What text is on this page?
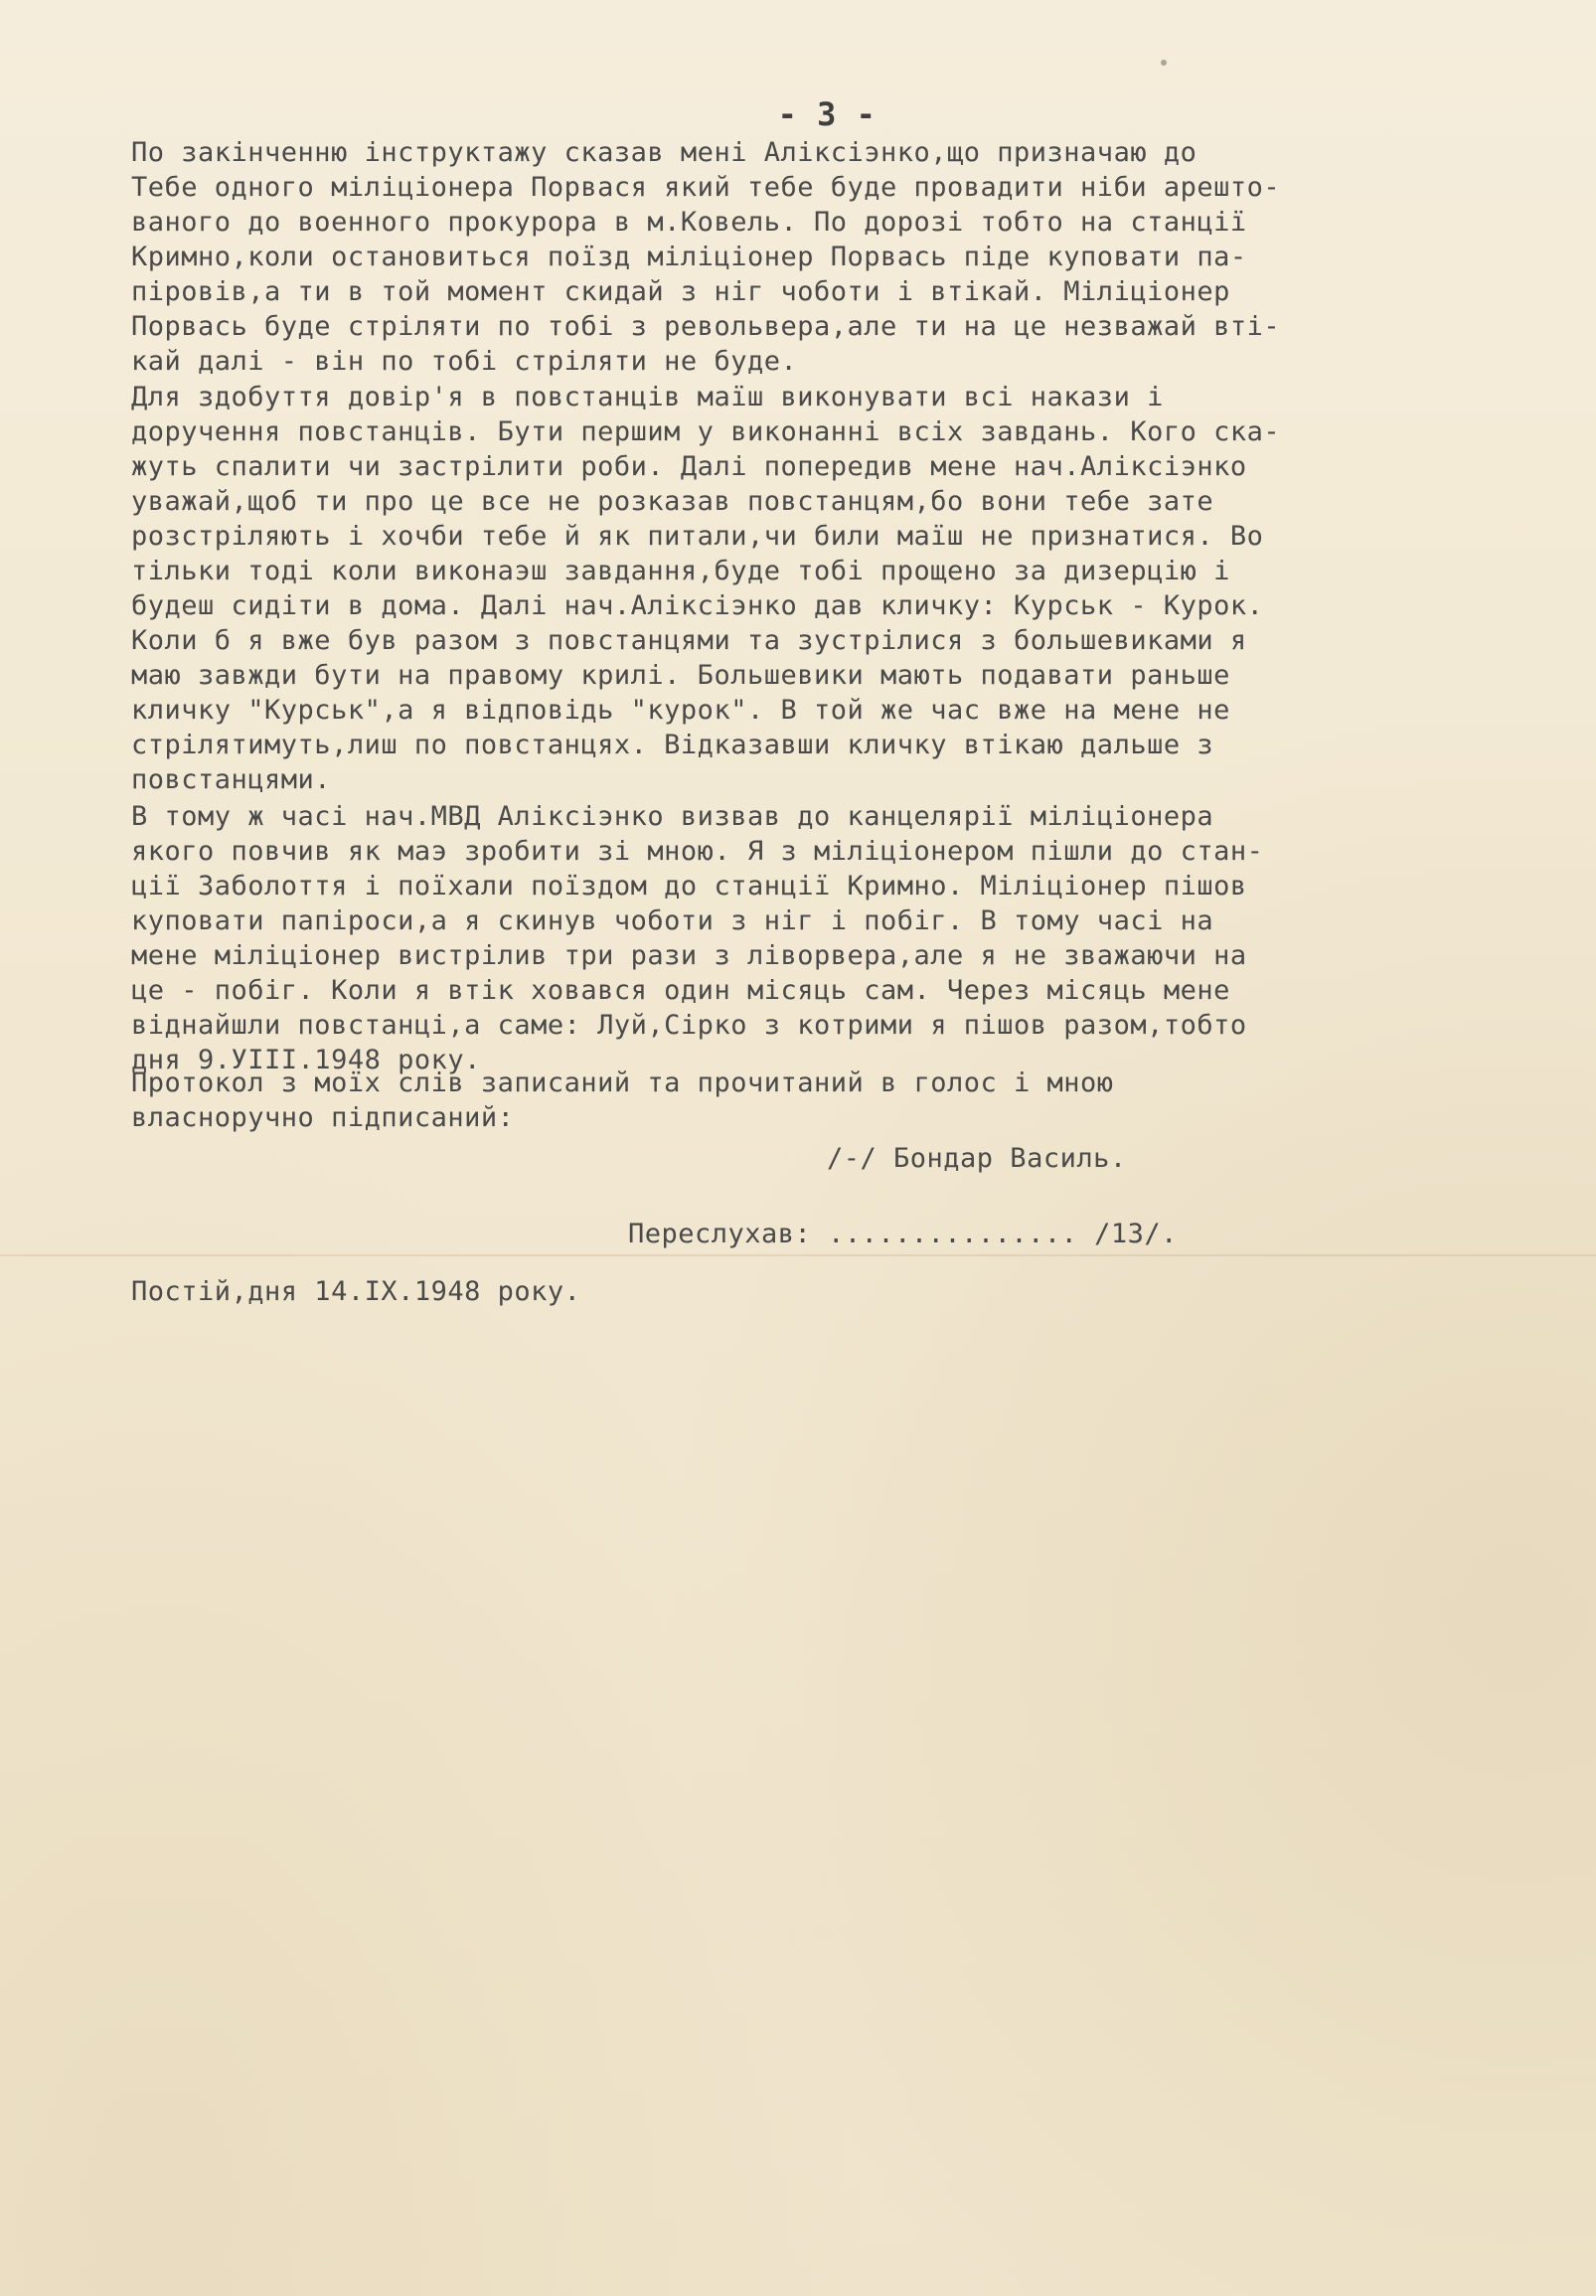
- 3 -
По закінченню інструктажу сказав мені Аліксіэнко,що призначаю до
Тебе одного міліціонера Порвася який тебе буде провадити ніби арешто-
ваного до военного прокурора в м.Ковель. По дорозі тобто на станції
Кримно,коли остановиться поїзд міліціонер Порвась піде куповати па-
піровів,а ти в той момент скидай з ніг чоботи і втікай. Міліціонер
Порвась буде стріляти по тобі з револьвера,але ти на це незважай вті-
кай далі - він по тобі стріляти не буде.
Для здобуття довір'я в повстанців маїш виконувати всі накази і
доручення повстанців. Бути першим у виконанні всіх завдань. Кого ска-
жуть спалити чи застрілити роби. Далі попередив мене нач.Аліксіэнко
уважай,щоб ти про це все не розказав повстанцям,бо вони тебе зате
розстріляють і хочби тебе й як питали,чи били маїш не признатися. Во
тільки тоді коли виконаэш завдання,буде тобі прощено за дизерцію і
будеш сидіти в дома. Далі нач.Аліксіэнко дав кличку: Курськ - Курок.
Коли б я вже був разом з повстанцями та зустрілися з большевиками я
маю завжди бути на правому крилі. Большевики мають подавати раньше
кличку "Курськ",а я відповідь "курок". В той же час вже на мене не
стрілятимуть,лиш по повстанцях. Відказавши кличку втікаю дальше з
повстанцями.
В тому ж часі нач.МВД Аліксіэнко визвав до канцелярії міліціонера
якого повчив як маэ зробити зі мною. Я з міліціонером пішли до стан-
ції Заболоття і поїхали поїздом до станції Кримно. Міліціонер пішов
куповати папіроси,а я скинув чоботи з ніг і побіг. В тому часі на
мене міліціонер вистрілив три рази з ліворвера,але я не зважаючи на
це - побіг. Коли я втік ховався один місяць сам. Через місяць мене
віднайшли повстанці,а саме: Луй,Сірко з котрими я пішов разом,тобто
дня 9.УІІІ.1948 року.
Протокол з моїх слів записаний та прочитаний в голос і мною
власноручно підписаний:
/-/ Бондар Василь.
Переслухав: ............... /13/.
Постій,дня 14.ІХ.1948 року.
